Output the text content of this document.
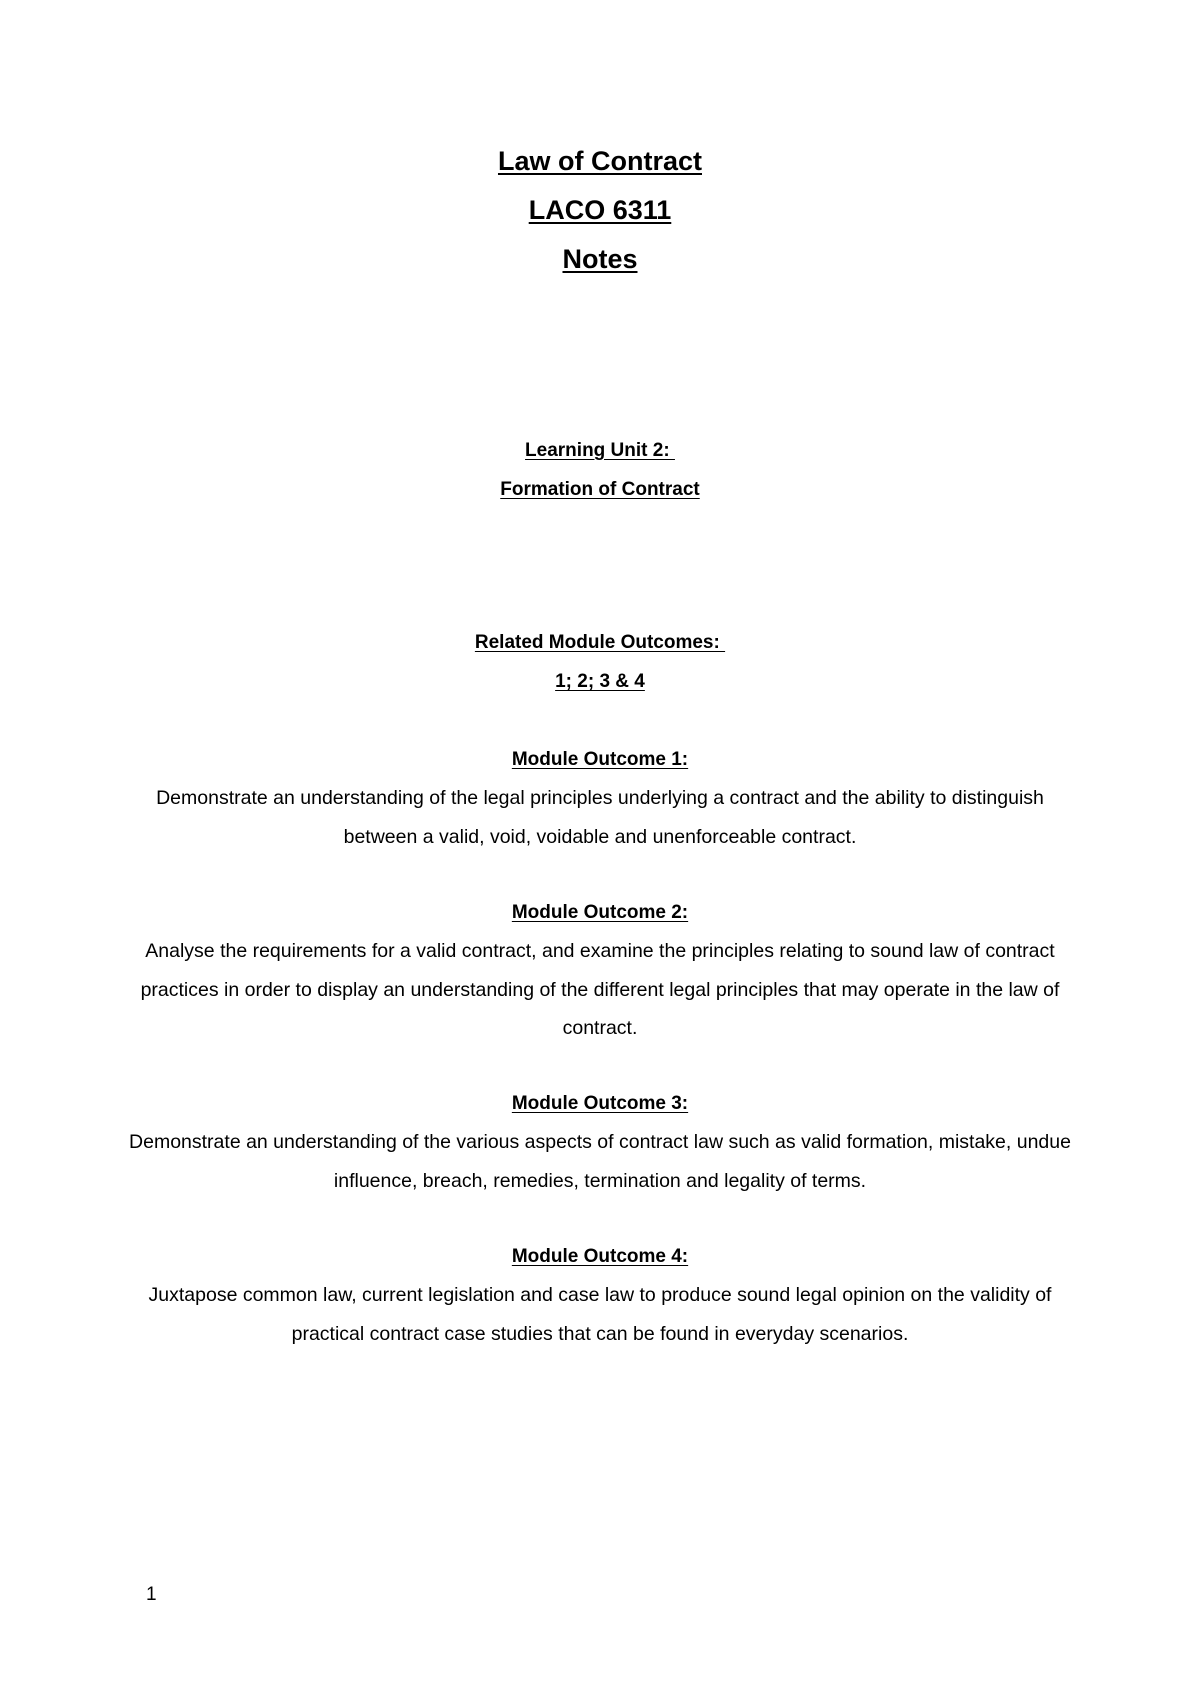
Law of Contract
LACO 6311
Notes
Learning Unit 2:
Formation of Contract
Related Module Outcomes:
1; 2; 3 & 4
Module Outcome 1:
Demonstrate an understanding of the legal principles underlying a contract and the ability to distinguish between a valid, void, voidable and unenforceable contract.
Module Outcome 2:
Analyse the requirements for a valid contract, and examine the principles relating to sound law of contract practices in order to display an understanding of the different legal principles that may operate in the law of contract.
Module Outcome 3:
Demonstrate an understanding of the various aspects of contract law such as valid formation, mistake, undue influence, breach, remedies, termination and legality of terms.
Module Outcome 4:
Juxtapose common law, current legislation and case law to produce sound legal opinion on the validity of practical contract case studies that can be found in everyday scenarios.
1
